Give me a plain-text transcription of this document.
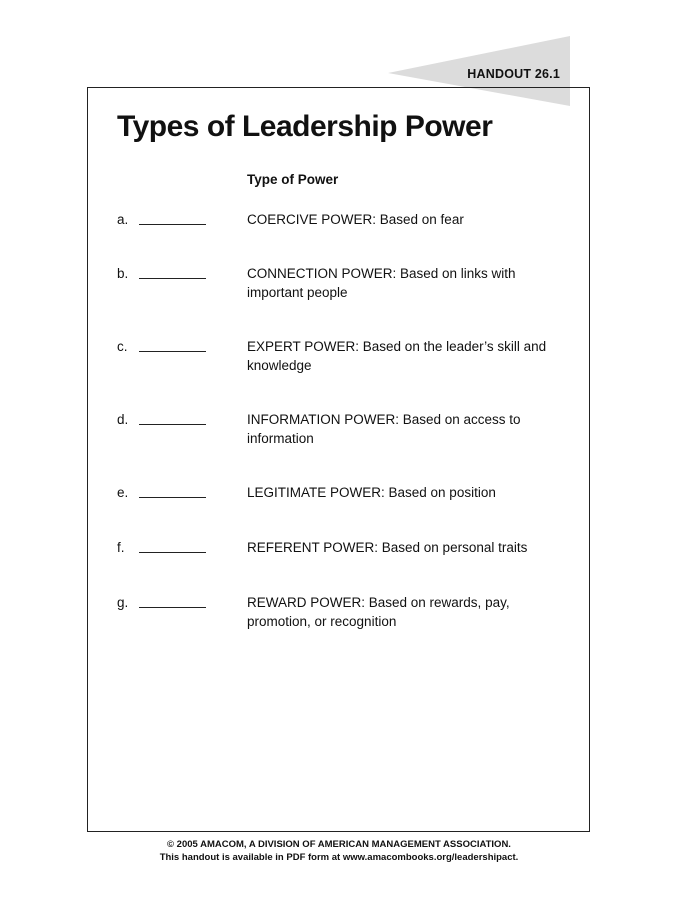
HANDOUT 26.1
Types of Leadership Power
Type of Power
a.	COERCIVE POWER: Based on fear
b.	CONNECTION POWER: Based on links with important people
c.	EXPERT POWER: Based on the leader’s skill and knowledge
d.	INFORMATION POWER: Based on access to information
e.	LEGITIMATE POWER: Based on position
f.	REFERENT POWER: Based on personal traits
g.	REWARD POWER: Based on rewards, pay, promotion, or recognition
© 2005 AMACOM, A DIVISION OF AMERICAN MANAGEMENT ASSOCIATION.
This handout is available in PDF form at www.amacombooks.org/leadershipact.
